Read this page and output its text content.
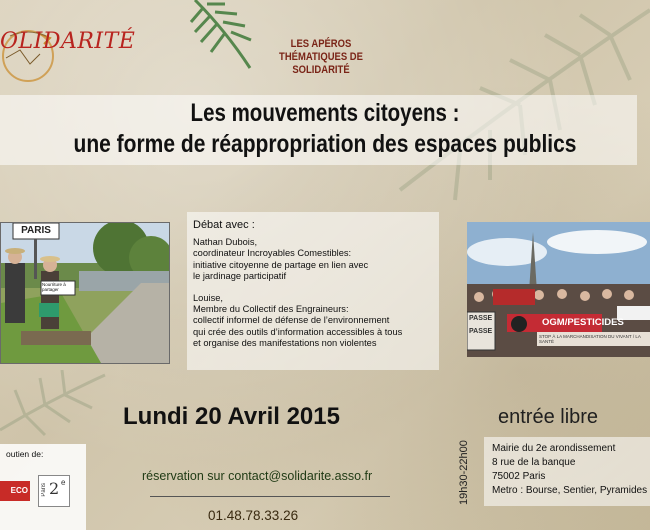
OLIDARITÉ	LES APÉROS
THÉMATIQUES DE
SOLIDARITÉ
Les mouvements citoyens :
une forme de réappropriation des espaces publics
PARIS
Nourriture à partager
OGM/PESTICIDES
STOP À LA MARCHANDISATION DU VIVANT / LA SANTÉ
PASSE
PASSE

Débat avec :

Nathan Dubois,

coordinateur Incroyables Comestibles:

initiative citoyenne de partage en lien avec

le jardinage participatif

Louise,

Membre du Collectif des Engraineurs:

collectif informel de défense de l’environnement

qui crée des outils d’information accessibles à tous

et organise des manifestations non violentes

Lundi 20 Avril 2015	entrée libre
outien de:
ECO	Paris 2 e	réservation sur contact@solidarite.asso.fr
01.48.78.33.26
19h30-22h00 Mairie du 2e arondissement

8 rue de la banque

75002 Paris

Metro : Bourse, Sentier, Pyramides
